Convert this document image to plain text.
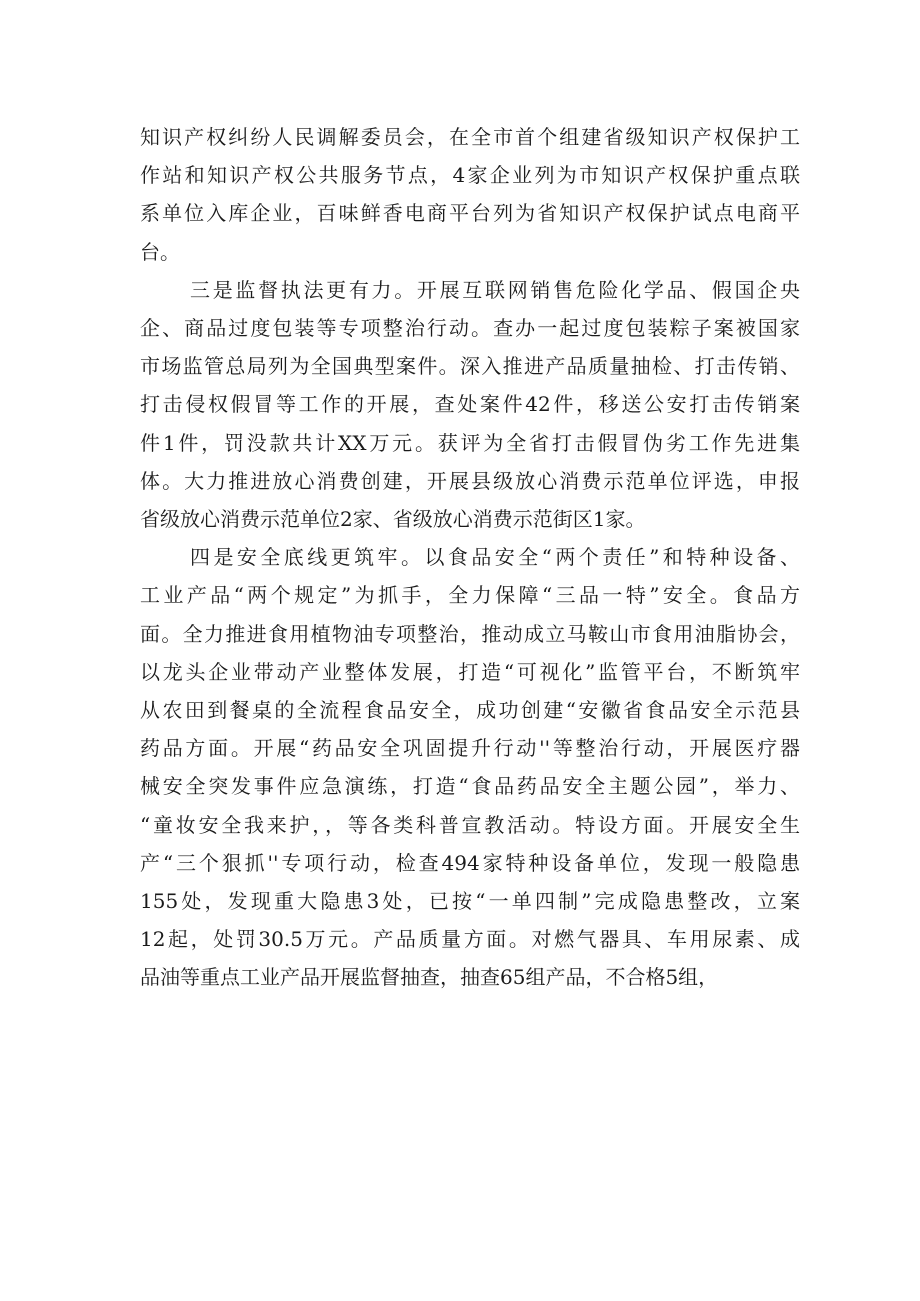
知识产权纠纷人民调解委员会，在全市首个组建省级知识产权保护工
作站和知识产权公共服务节点，4家企业列为市知识产权保护重点联
系单位入库企业，百味鲜香电商平台列为省知识产权保护试点电商平
台。

三是监督执法更有力。开展互联网销售危险化学品、假国企央
企、商品过度包装等专项整治行动。查办一起过度包装粽子案被国家
市场监管总局列为全国典型案件。深入推进产品质量抽检、打击传销、
打击侵权假冒等工作的开展，查处案件42件，移送公安打击传销案
件1件，罚没款共计XX万元。获评为全省打击假冒伪劣工作先进集
体。大力推进放心消费创建，开展县级放心消费示范单位评选，申报
省级放心消费示范单位2家、省级放心消费示范街区1家。

四是安全底线更筑牢。以食品安全“两个责任”和特种设备、
工业产品“两个规定”为抓手，全力保障“三品一特”安全。食品方
面。全力推进食用植物油专项整治，推动成立马鞍山市食用油脂协会，
以龙头企业带动产业整体发展，打造“可视化”监管平台，不断筑牢
从农田到餐桌的全流程食品安全，成功创建“安徽省食品安全示范县
药品方面。开展“药品安全巩固提升行动''等整治行动，开展医疗器
械安全突发事件应急演练，打造“食品药品安全主题公园”，举力、
“童妆安全我来护，，等各类科普宣教活动。特设方面。开展安全生
产“三个狠抓''专项行动，检查494家特种设备单位，发现一般隐患
155处，发现重大隐患3处，已按“一单四制”完成隐患整改，立案
12起，处罚30.5万元。产品质量方面。对燃气器具、车用尿素、成
品油等重点工业产品开展监督抽查，抽查65组产品，不合格5组，
